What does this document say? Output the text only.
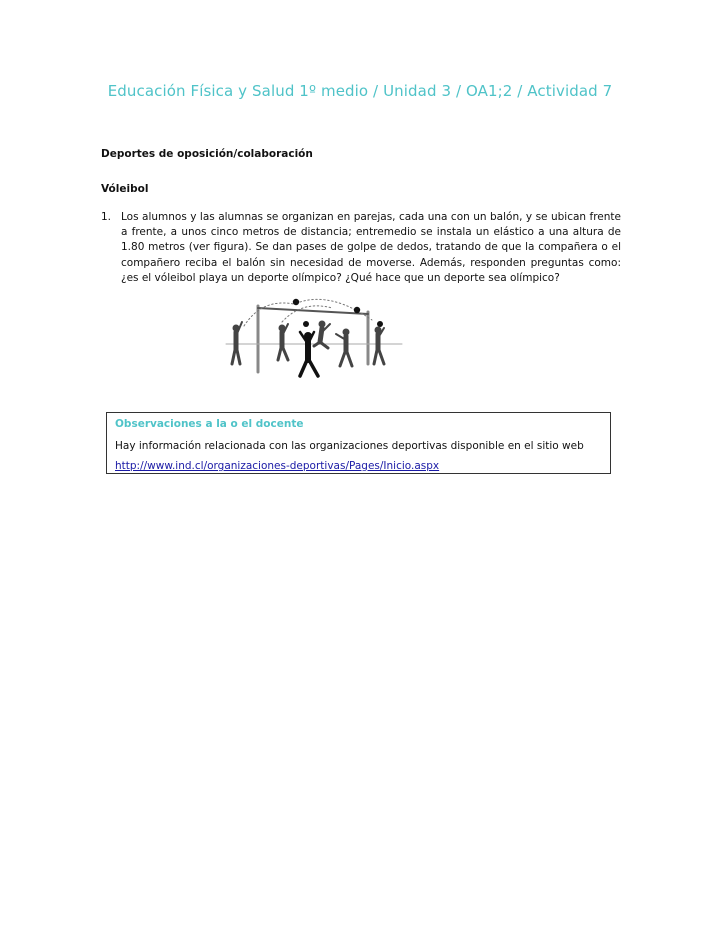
Educación Física y Salud 1º medio / Unidad 3 / OA1;2 / Actividad 7
Deportes de oposición/colaboración
Vóleibol
1. Los alumnos y las alumnas se organizan en parejas, cada una con un balón, y se ubican frente a frente, a unos cinco metros de distancia; entremedio se instala un elástico a una altura de 1.80 metros (ver figura). Se dan pases de golpe de dedos, tratando de que la compañera o el compañero reciba el balón sin necesidad de moverse. Además, responden preguntas como: ¿es el vóleibol playa un deporte olímpico? ¿Qué hace que un deporte sea olímpico?
Observaciones a la o el docente
Hay información relacionada con las organizaciones deportivas disponible en el sitio web
http://www.ind.cl/organizaciones-deportivas/Pages/Inicio.aspx
